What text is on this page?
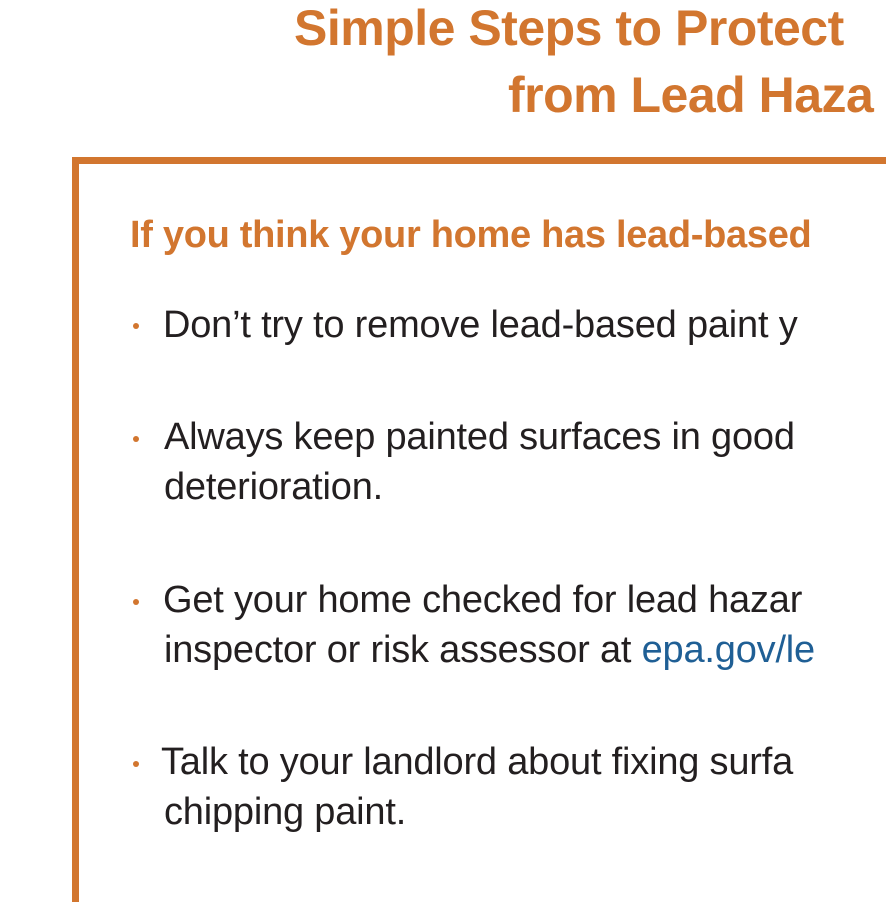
Simple Steps to Protect
from Lead Haza
If you think your home has lead-based
Don’t try to remove lead-based paint y
Always keep painted surfaces in good
deterioration.
Get your home checked for lead hazar
inspector or risk assessor at epa.gov/le
Talk to your landlord about fixing surfa
chipping paint.
